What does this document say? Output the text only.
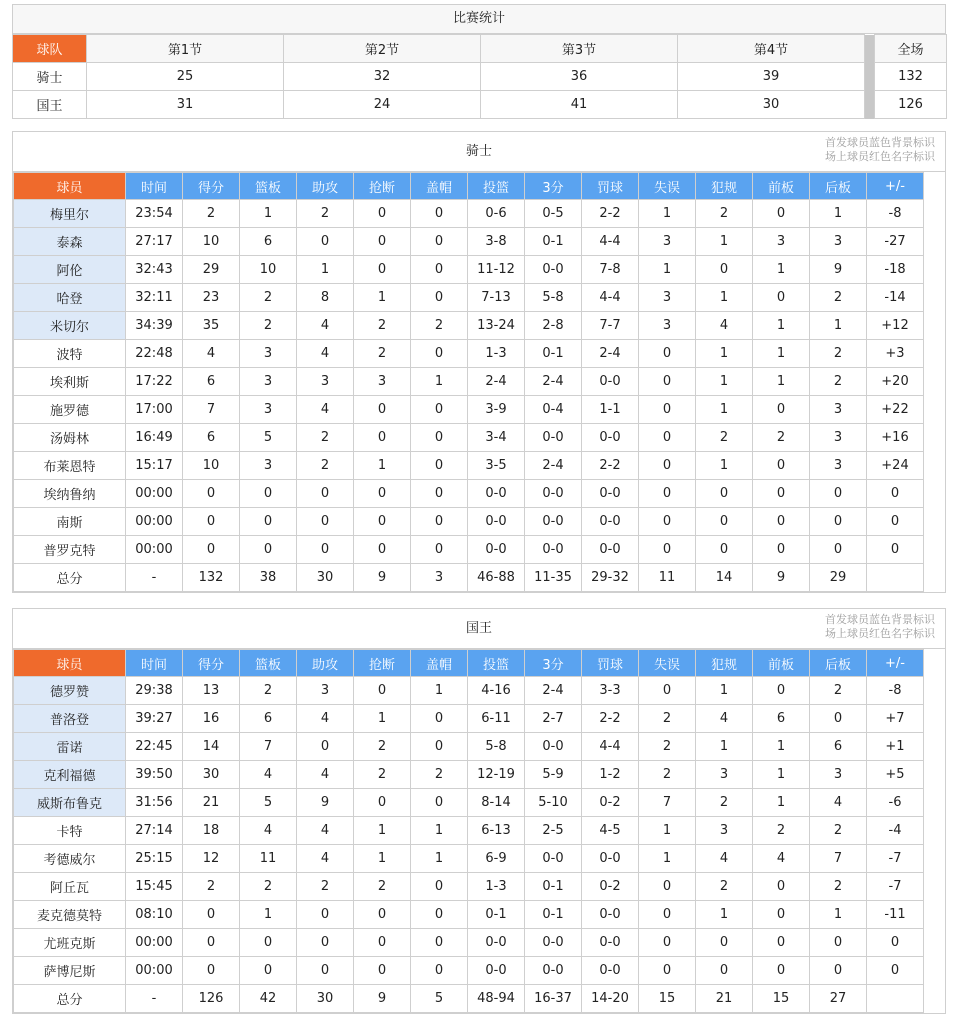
比赛统计
球队	第1节	第2节	第3节	第4节		全场
骑士	25	32	36	39		132
国王	31	24	41	30		126
骑士
首发球员蓝色背景标识
场上球员红色名字标识
球员	时间	得分	篮板	助攻	抢断	盖帽	投篮	3分	罚球	失误	犯规	前板	后板	+/-
梅里尔	23:54	2	1	2	0	0	0-6	0-5	2-2	1	2	0	1	-8
泰森	27:17	10	6	0	0	0	3-8	0-1	4-4	3	1	3	3	-27
阿伦	32:43	29	10	1	0	0	11-12	0-0	7-8	1	0	1	9	-18
哈登	32:11	23	2	8	1	0	7-13	5-8	4-4	3	1	0	2	-14
米切尔	34:39	35	2	4	2	2	13-24	2-8	7-7	3	4	1	1	+12
波特	22:48	4	3	4	2	0	1-3	0-1	2-4	0	1	1	2	+3
埃利斯	17:22	6	3	3	3	1	2-4	2-4	0-0	0	1	1	2	+20
施罗德	17:00	7	3	4	0	0	3-9	0-4	1-1	0	1	0	3	+22
汤姆林	16:49	6	5	2	0	0	3-4	0-0	0-0	0	2	2	3	+16
布莱恩特	15:17	10	3	2	1	0	3-5	2-4	2-2	0	1	0	3	+24
埃纳鲁纳	00:00	0	0	0	0	0	0-0	0-0	0-0	0	0	0	0	0
南斯	00:00	0	0	0	0	0	0-0	0-0	0-0	0	0	0	0	0
普罗克特	00:00	0	0	0	0	0	0-0	0-0	0-0	0	0	0	0	0
总分	-	132	38	30	9	3	46-88	11-35	29-32	11	14	9	29	
国王
首发球员蓝色背景标识
场上球员红色名字标识
球员	时间	得分	篮板	助攻	抢断	盖帽	投篮	3分	罚球	失误	犯规	前板	后板	+/-
德罗赞	29:38	13	2	3	0	1	4-16	2-4	3-3	0	1	0	2	-8
普洛登	39:27	16	6	4	1	0	6-11	2-7	2-2	2	4	6	0	+7
雷诺	22:45	14	7	0	2	0	5-8	0-0	4-4	2	1	1	6	+1
克利福德	39:50	30	4	4	2	2	12-19	5-9	1-2	2	3	1	3	+5
威斯布鲁克	31:56	21	5	9	0	0	8-14	5-10	0-2	7	2	1	4	-6
卡特	27:14	18	4	4	1	1	6-13	2-5	4-5	1	3	2	2	-4
考德威尔	25:15	12	11	4	1	1	6-9	0-0	0-0	1	4	4	7	-7
阿丘瓦	15:45	2	2	2	2	0	1-3	0-1	0-2	0	2	0	2	-7
麦克德莫特	08:10	0	1	0	0	0	0-1	0-1	0-0	0	1	0	1	-11
尤班克斯	00:00	0	0	0	0	0	0-0	0-0	0-0	0	0	0	0	0
萨博尼斯	00:00	0	0	0	0	0	0-0	0-0	0-0	0	0	0	0	0
总分	-	126	42	30	9	5	48-94	16-37	14-20	15	21	15	27	
